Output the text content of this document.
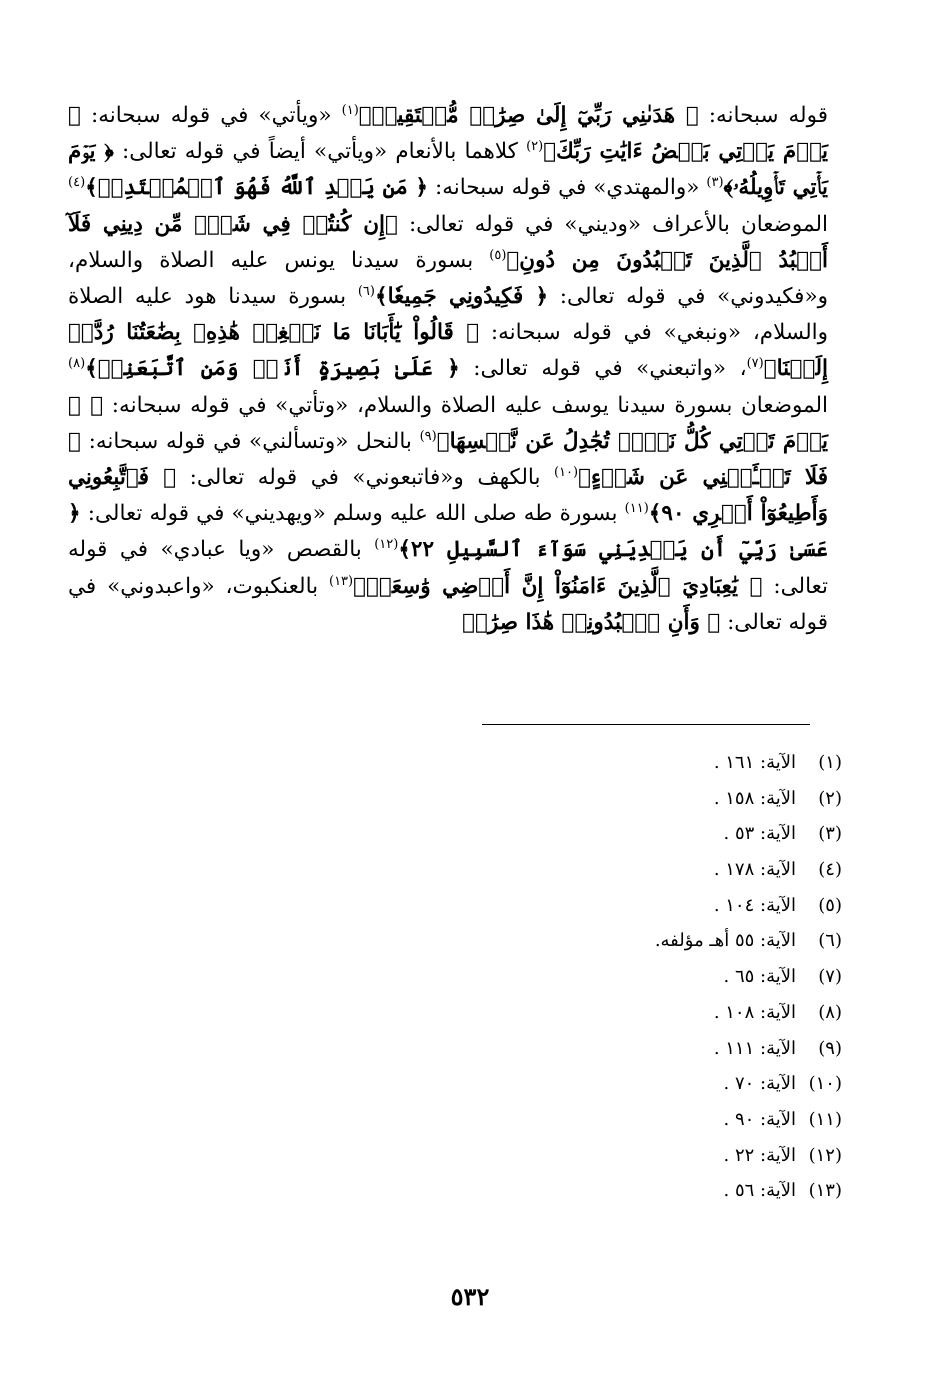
قوله سبحانه: ﴿ هَدَىٰنِي رَبِّيٓ إِلَىٰ صِرَٰطٖ مُّسۡتَقِيمٖ﴾$^{(١)}$ «ويأتي» في قوله سبحانه: ﴿ يَوۡمَ يَأۡتِي بَعۡضُ ءَايَٰتِ رَبِّكَ﴾$^{(٢)}$ كلاهما بالأنعام «ويأتي» أيضاً في قوله تعالى: ﴿ يَوۡمَ يَأۡتِي تَأۡوِيلُهُۥ﴾$^{(٣)}$ «والمهتدي» في قوله سبحانه: ﴿ مَن يَهۡدِ ٱللَّهُ فَهُوَ ٱلۡمُهۡتَدِيۖ﴾$^{(٤)}$ الموضعان بالأعراف «وديني» في قوله تعالى: ﴿إِن كُنتُمۡ فِي شَكّٖ مِّن دِينِي فَلَآ أَعۡبُدُ ٱلَّذِينَ تَعۡبُدُونَ مِن دُونِ﴾$^{(٥)}$ بسورة سيدنا يونس عليه الصلاة والسلام، و«فكيدوني» في قوله تعالى: ﴿ فَكِيدُونِي جَمِيعٗا﴾$^{(٦)}$ بسورة سيدنا هود عليه الصلاة والسلام، «ونبغي» في قوله سبحانه: ﴿ قَالُواْ يَٰٓأَبَانَا مَا نَبۡغِيۖ هَٰذِهِۦ بِضَٰعَتُنَا رُدَّتۡ إِلَيۡنَا﴾$^{(٧)}$، «واتبعني» في قوله تعالى: ﴿ عَلَىٰ بَصِيرَةٍ أَنَا۠ وَمَنِ ٱتَّبَعَنِيۖ﴾$^{(٨)}$ الموضعان بسورة سيدنا يوسف عليه الصلاة والسلام، «وتأتي» في قوله سبحانه: ﴿ ۞ يَوۡمَ تَأۡتِي كُلُّ نَفۡسٖ تُجَٰدِلُ عَن نَّفۡسِهَا﴾$^{(٩)}$ بالنحل «وتسألني» في قوله سبحانه: ﴿ فَلَا تَسۡـَٔلۡنِي عَن شَيۡءٍ﴾$^{(١٠)}$ بالكهف و«فاتبعوني» في قوله تعالى: ﴿ فَٱتَّبِعُونِي وَأَطِيعُوٓاْ أَمۡرِي ٩٠﴾$^{(١١)}$ بسورة طه صلى الله عليه وسلم «ويهديني» في قوله تعالى: ﴿ عَسَىٰ رَبِّيٓ أَن يَهۡدِيَنِي سَوَآءَ ٱلسَّبِيلِ ٢٢﴾$^{(١٢)}$ بالقصص «ويا عبادي» في قوله تعالى: ﴿ يَٰعِبَادِيَ ٱلَّذِينَ ءَامَنُوٓاْ إِنَّ أَرۡضِي وَٰسِعَةٞ﴾$^{(١٣)}$ بالعنكبوت، «واعبدوني» في قوله تعالى: ﴿ وَأَنِ ٱعۡبُدُونِيۚ هَٰذَا صِرَٰطٞ

(١)الآية: ١٦١ .
(٢)الآية: ١٥٨ .
(٣)الآية: ٥٣ .
(٤)الآية: ١٧٨ .
(٥)الآية: ١٠٤ .
(٦)الآية: ٥٥ أهـ مؤلفه.
(٧)الآية: ٦٥ .
(٨)الآية: ١٠٨ .
(٩)الآية: ١١١ .
(١٠)الآية: ٧٠ .
(١١)الآية: ٩٠ .
(١٢)الآية: ٢٢ .
(١٣)الآية: ٥٦ .
٥٣٢
